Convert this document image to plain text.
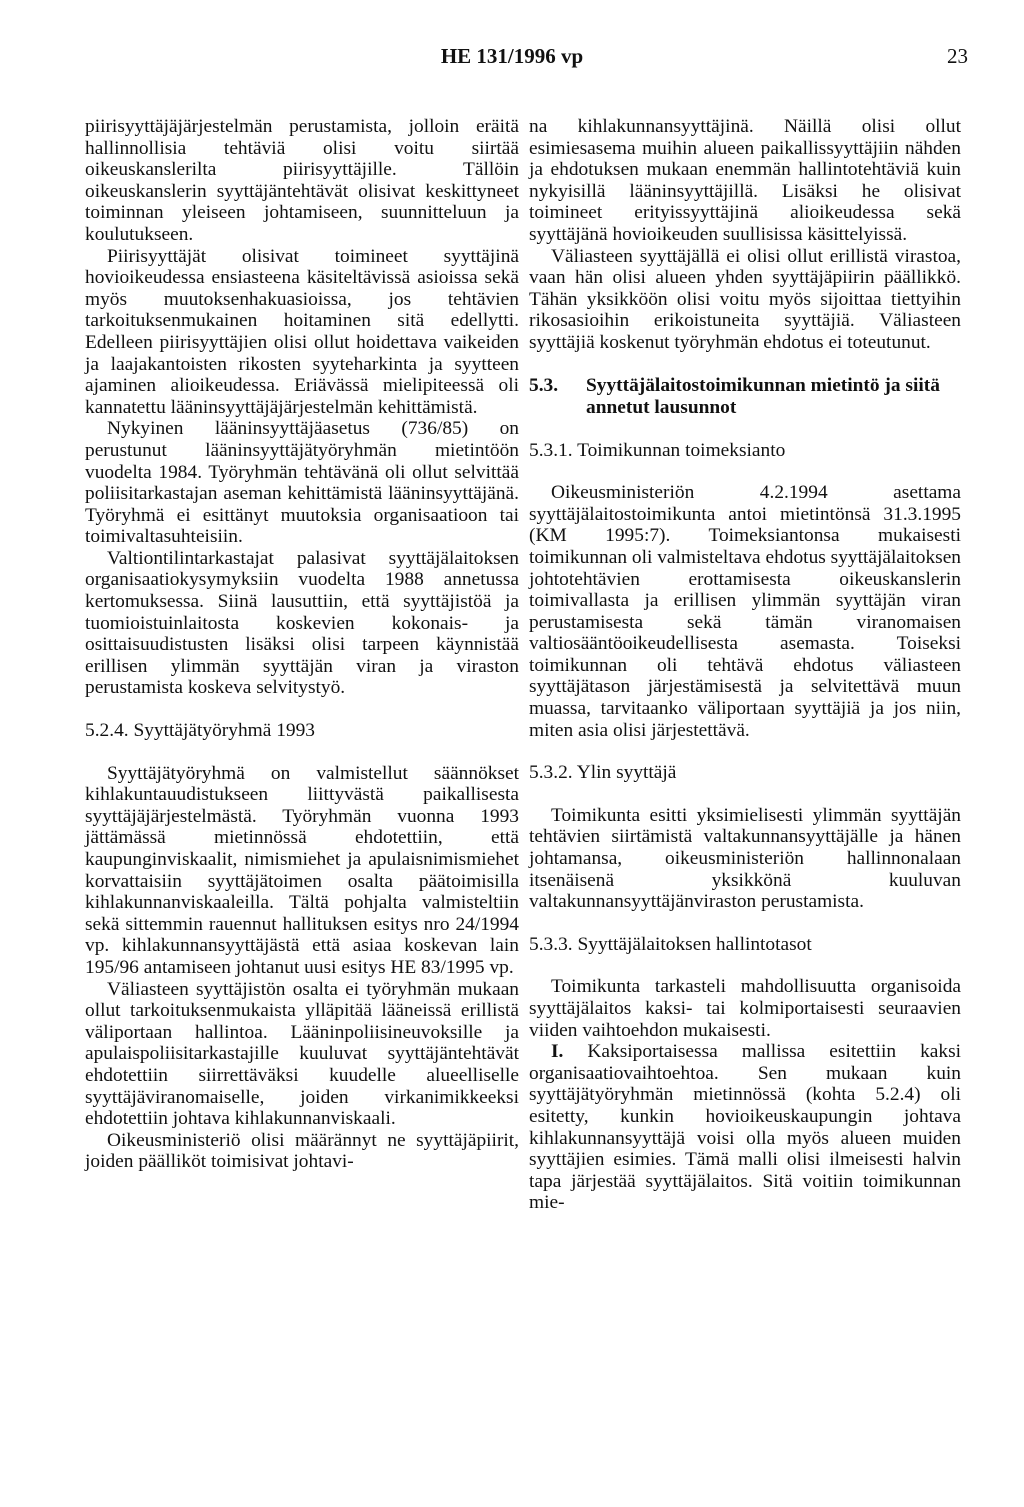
HE 131/1996 vp	23

piirisyyttäjäjärjestelmän perustamista, jolloin eräitä hallinnollisia tehtäviä olisi voitu siirtää oikeuskanslerilta piirisyyttäjille. Tällöin oikeuskanslerin syyttäjäntehtävät olisivat keskittyneet toiminnan yleiseen johtamiseen, suunnitteluun ja koulutukseen.

Piirisyyttäjät olisivat toimineet syyttäjinä hovioikeudessa ensiasteena käsiteltävissä asioissa sekä myös muutoksenhakuasioissa, jos tehtävien tarkoituksenmukainen hoitaminen sitä edellytti. Edelleen piirisyyttäjien olisi ollut hoidettava vaikeiden ja laajakantoisten rikosten syyteharkinta ja syytteen ajaminen alioikeudessa. Eriävässä mielipiteessä oli kannatettu lääninsyyttäjäjärjestelmän kehittämistä.

Nykyinen lääninsyyttäjäasetus (736/85) on perustunut lääninsyyttäjätyöryhmän mietintöön vuodelta 1984. Työryhmän tehtävänä oli ollut selvittää poliisitarkastajan aseman kehittämistä lääninsyyttäjänä. Työryhmä ei esittänyt muutoksia organisaatioon tai toimivaltasuhteisiin.

Valtiontilintarkastajat palasivat syyttäjälaitoksen organisaatiokysymyksiin vuodelta 1988 annetussa kertomuksessa. Siinä lausuttiin, että syyttäjistöä ja tuomioistuinlaitosta koskevien kokonais- ja osittaisuudistusten lisäksi olisi tarpeen käynnistää erillisen ylimmän syyttäjän viran ja viraston perustamista koskeva selvitystyö.

5.2.4. Syyttäjätyöryhmä 1993

Syyttäjätyöryhmä on valmistellut säännökset kihlakuntauudistukseen liittyvästä paikallisesta syyttäjäjärjestelmästä. Työryhmän vuonna 1993 jättämässä mietinnössä ehdotettiin, että kaupunginviskaalit, nimismiehet ja apulaisnimismiehet korvattaisiin syyttäjätoimen osalta päätoimisilla kihlakunnanviskaaleilla. Tältä pohjalta valmisteltiin sekä sittemmin rauennut hallituksen esitys nro 24/1994 vp. kihlakunnansyyttäjästä että asiaa koskevan lain 195/96 antamiseen johtanut uusi esitys HE 83/1995 vp.

Väliasteen syyttäjistön osalta ei työryhmän mukaan ollut tarkoituksenmukaista ylläpitää lääneissä erillistä väliportaan hallintoa. Lääninpoliisineuvoksille ja apulaispoliisitarkastajille kuuluvat syyttäjäntehtävät ehdotettiin siirrettäväksi kuudelle alueelliselle syyttäjäviranomaiselle, joiden virkanimikkeeksi ehdotettiin johtava kihlakunnanviskaali.

Oikeusministeriö olisi määrännyt ne syyttäjäpiirit, joiden päälliköt toimisivat johtavi-

na kihlakunnansyyttäjinä. Näillä olisi ollut esimiesasema muihin alueen paikallissyyttäjiin nähden ja ehdotuksen mukaan enemmän hallintotehtäviä kuin nykyisillä lääninsyyttäjillä. Lisäksi he olisivat toimineet erityissyyttäjinä alioikeudessa sekä syyttäjänä hovioikeuden suullisissa käsittelyissä.

Väliasteen syyttäjällä ei olisi ollut erillistä virastoa, vaan hän olisi alueen yhden syyttäjäpiirin päällikkö. Tähän yksikköön olisi voitu myös sijoittaa tiettyihin rikosasioihin erikoistuneita syyttäjiä. Väliasteen syyttäjiä koskenut työryhmän ehdotus ei toteutunut.

5.3.	Syyttäjälaitostoimikunnan mietintö ja siitä annetut lausunnot
5.3.1. Toimikunnan toimeksianto

Oikeusministeriön 4.2.1994 asettama syyttäjälaitostoimikunta antoi mietintönsä 31.3.1995 (KM 1995:7). Toimeksiantonsa mukaisesti toimikunnan oli valmisteltava ehdotus syyttäjälaitoksen johtotehtävien erottamisesta oikeuskanslerin toimivallasta ja erillisen ylimmän syyttäjän viran perustamisesta sekä tämän viranomaisen valtiosääntöoikeudellisesta asemasta. Toiseksi toimikunnan oli tehtävä ehdotus väliasteen syyttäjätason järjestämisestä ja selvitettävä muun muassa, tarvitaanko väliportaan syyttäjiä ja jos niin, miten asia olisi järjestettävä.

5.3.2. Ylin syyttäjä

Toimikunta esitti yksimielisesti ylimmän syyttäjän tehtävien siirtämistä valtakunnansyyttäjälle ja hänen johtamansa, oikeusministeriön hallinnonalaan itsenäisenä yksikkönä kuuluvan valtakunnansyyttäjänviraston perustamista.

5.3.3. Syyttäjälaitoksen hallintotasot

Toimikunta tarkasteli mahdollisuutta organisoida syyttäjälaitos kaksi- tai kolmiportaisesti seuraavien viiden vaihtoehdon mukaisesti.

I. Kaksiportaisessa mallissa esitettiin kaksi organisaatiovaihtoehtoa. Sen mukaan kuin syyttäjätyöryhmän mietinnössä (kohta 5.2.4) oli esitetty, kunkin hovioikeuskaupungin johtava kihlakunnansyyttäjä voisi olla myös alueen muiden syyttäjien esimies. Tämä malli olisi ilmeisesti halvin tapa järjestää syyttäjälaitos. Sitä voitiin toimikunnan mie-
